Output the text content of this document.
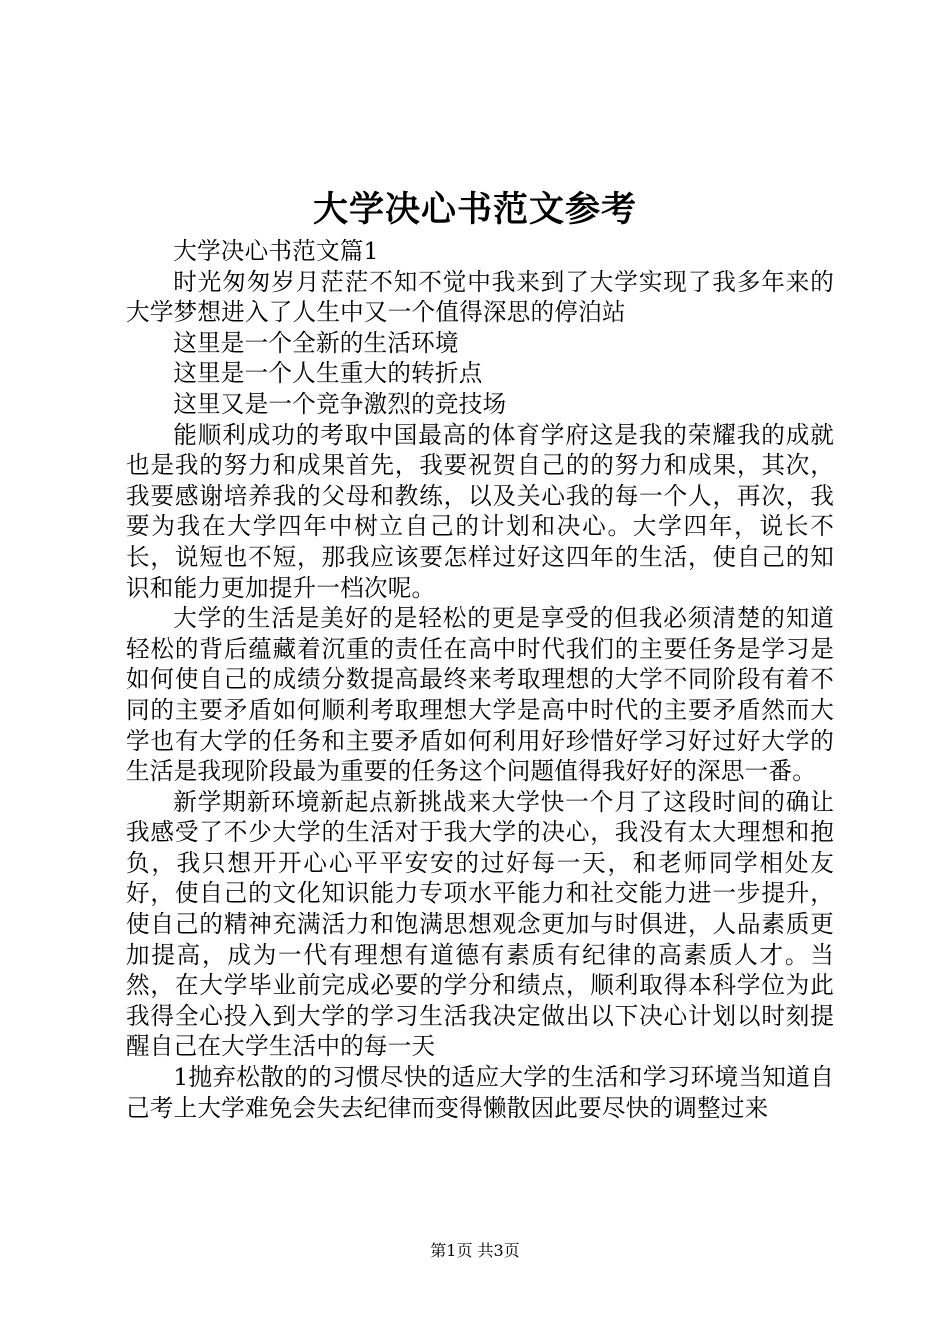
大学决心书范文参考

大学决心书范文篇1

时光匆匆岁月茫茫不知不觉中我来到了大学实现了我多年来的大学梦想进入了人生中又一个值得深思的停泊站

这里是一个全新的生活环境

这里是一个人生重大的转折点

这里又是一个竞争激烈的竞技场

能顺利成功的考取中国最高的体育学府这是我的荣耀我的成就也是我的努力和成果首先，我要祝贺自己的的努力和成果，其次，我要感谢培养我的父母和教练，以及关心我的每一个人，再次，我要为我在大学四年中树立自己的计划和决心。大学四年，说长不长，说短也不短，那我应该要怎样过好这四年的生活，使自己的知识和能力更加提升一档次呢。

大学的生活是美好的是轻松的更是享受的但我必须清楚的知道轻松的背后蕴藏着沉重的责任在高中时代我们的主要任务是学习是如何使自己的成绩分数提高最终来考取理想的大学不同阶段有着不同的主要矛盾如何顺利考取理想大学是高中时代的主要矛盾然而大学也有大学的任务和主要矛盾如何利用好珍惜好学习好过好大学的生活是我现阶段最为重要的任务这个问题值得我好好的深思一番。

新学期新环境新起点新挑战来大学快一个月了这段时间的确让我感受了不少大学的生活对于我大学的决心，我没有太大理想和抱负，我只想开开心心平平安安的过好每一天，和老师同学相处友好，使自己的文化知识能力专项水平能力和社交能力进一步提升，使自己的精神充满活力和饱满思想观念更加与时俱进，人品素质更加提高，成为一代有理想有道德有素质有纪律的高素质人才。当然，在大学毕业前完成必要的学分和绩点，顺利取得本科学位为此我得全心投入到大学的学习生活我决定做出以下决心计划以时刻提醒自己在大学生活中的每一天

1抛弃松散的的习惯尽快的适应大学的生活和学习环境当知道自己考上大学难免会失去纪律而变得懒散因此要尽快的调整过来

第1页 共3页
